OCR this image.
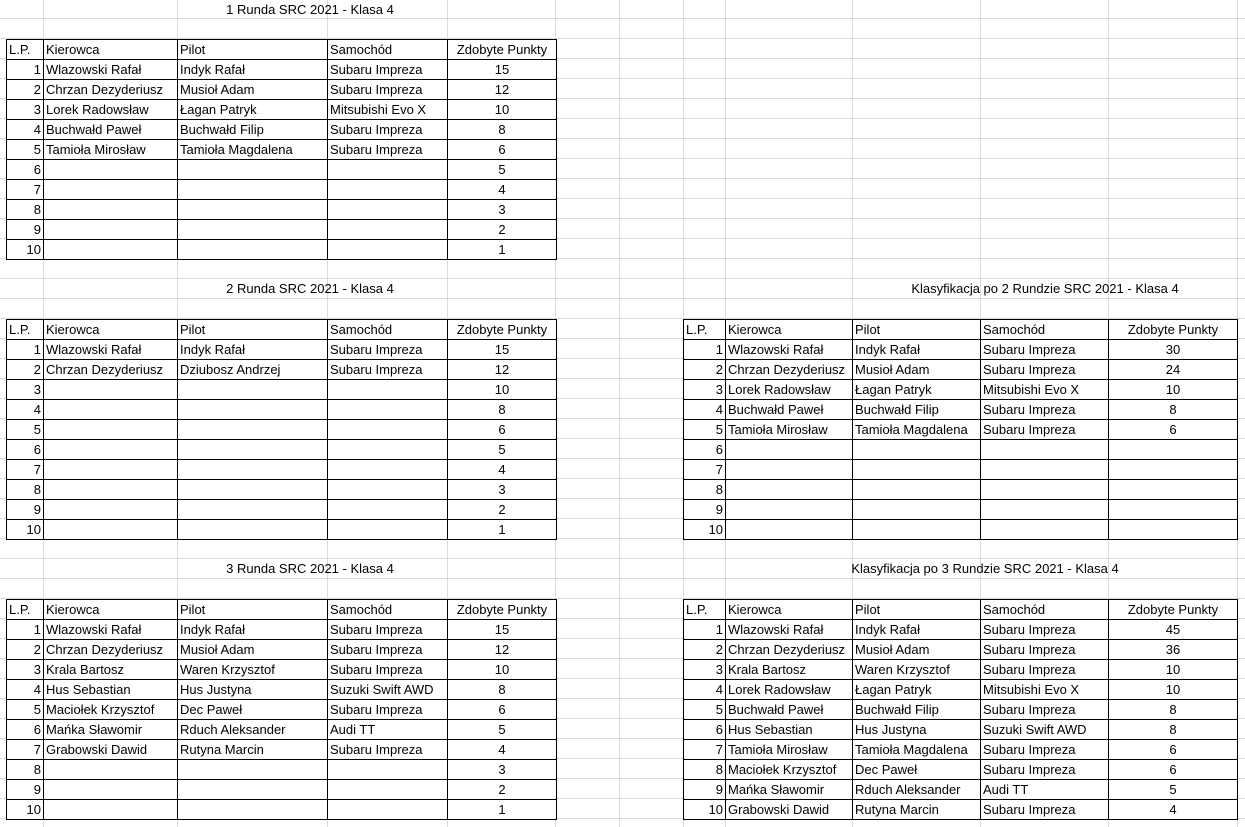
1 Runda SRC 2021 - Klasa 4
2 Runda SRC 2021 - Klasa 4	Klasyfikacja po 2 Rundzie SRC 2021 - Klasa 4
3 Runda SRC 2021 - Klasa 4	Klasyfikacja po 3 Rundzie SRC 2021 - Klasa 4
L.P.	Kierowca	Pilot	Samochód	Zdobyte Punkty
1	Wlazowski Rafał	Indyk Rafał	Subaru Impreza	15
2	Chrzan Dezyderiusz	Musioł Adam	Subaru Impreza	12
3	Lorek Radowsław	Łagan Patryk	Mitsubishi Evo X	10
4	Buchwałd Paweł	Buchwałd Filip	Subaru Impreza	8
5	Tamioła Mirosław	Tamioła Magdalena	Subaru Impreza	6
6				5
7				4
8				3
9				2
10				1
L.P.	Kierowca	Pilot	Samochód	Zdobyte Punkty
1	Wlazowski Rafał	Indyk Rafał	Subaru Impreza	15
2	Chrzan Dezyderiusz	Dziubosz Andrzej	Subaru Impreza	12
3				10
4				8
5				6
6				5
7				4
8				3
9				2
10				1
L.P.	Kierowca	Pilot	Samochód	Zdobyte Punkty
1	Wlazowski Rafał	Indyk Rafał	Subaru Impreza	30
2	Chrzan Dezyderiusz	Musioł Adam	Subaru Impreza	24
3	Lorek Radowsław	Łagan Patryk	Mitsubishi Evo X	10
4	Buchwałd Paweł	Buchwałd Filip	Subaru Impreza	8
5	Tamioła Mirosław	Tamioła Magdalena	Subaru Impreza	6
6				
7				
8				
9				
10				
L.P.	Kierowca	Pilot	Samochód	Zdobyte Punkty
1	Wlazowski Rafał	Indyk Rafał	Subaru Impreza	15
2	Chrzan Dezyderiusz	Musioł Adam	Subaru Impreza	12
3	Krala Bartosz	Waren Krzysztof	Subaru Impreza	10
4	Hus Sebastian	Hus Justyna	Suzuki Swift AWD	8
5	Maciołek Krzysztof	Dec Paweł	Subaru Impreza	6
6	Mańka Sławomir	Rduch Aleksander	Audi TT	5
7	Grabowski Dawid	Rutyna Marcin	Subaru Impreza	4
8				3
9				2
10				1
L.P.	Kierowca	Pilot	Samochód	Zdobyte Punkty
1	Wlazowski Rafał	Indyk Rafał	Subaru Impreza	45
2	Chrzan Dezyderiusz	Musioł Adam	Subaru Impreza	36
3	Krala Bartosz	Waren Krzysztof	Subaru Impreza	10
4	Lorek Radowsław	Łagan Patryk	Mitsubishi Evo X	10
5	Buchwałd Paweł	Buchwałd Filip	Subaru Impreza	8
6	Hus Sebastian	Hus Justyna	Suzuki Swift AWD	8
7	Tamioła Mirosław	Tamioła Magdalena	Subaru Impreza	6
8	Maciołek Krzysztof	Dec Paweł	Subaru Impreza	6
9	Mańka Sławomir	Rduch Aleksander	Audi TT	5
10	Grabowski Dawid	Rutyna Marcin	Subaru Impreza	4
